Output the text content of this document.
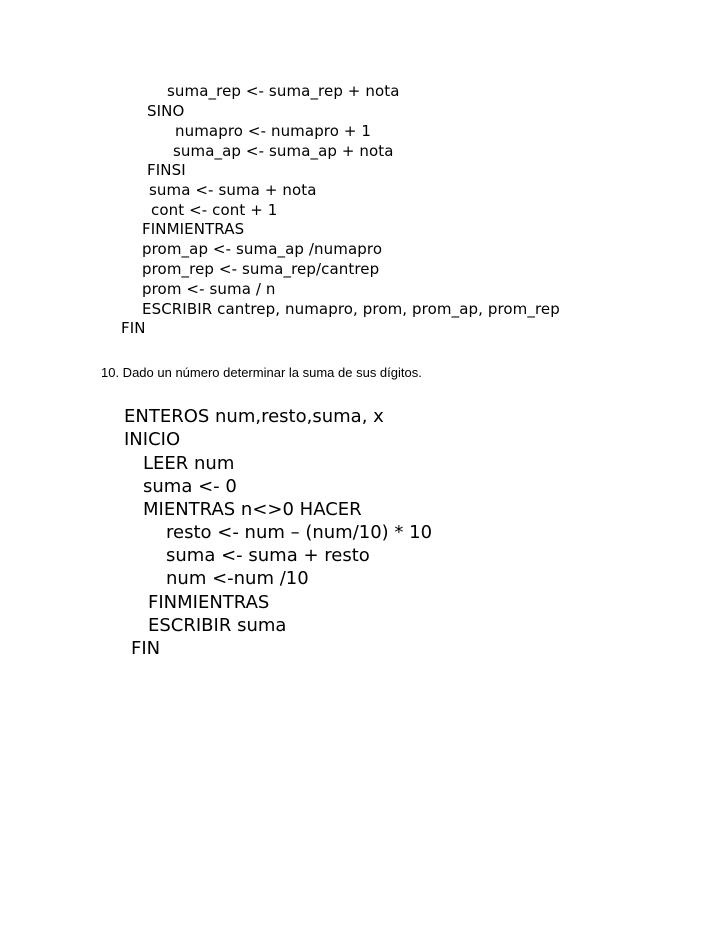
suma_rep <- suma_rep + nota
SINO
numapro <- numapro + 1
suma_ap <- suma_ap + nota
FINSI
suma <- suma + nota
cont <- cont + 1
FINMIENTRAS
prom_ap <- suma_ap /numapro
prom_rep <- suma_rep/cantrep
prom <- suma / n
ESCRIBIR cantrep, numapro, prom, prom_ap, prom_rep
FIN
10. Dado un número determinar la suma de sus dígitos.
ENTEROS num,resto,suma, x
INICIO
LEER num
suma <- 0
MIENTRAS n<>0 HACER
resto <- num – (num/10) * 10
suma <- suma + resto
num <-num /10
FINMIENTRAS
ESCRIBIR suma
FIN
